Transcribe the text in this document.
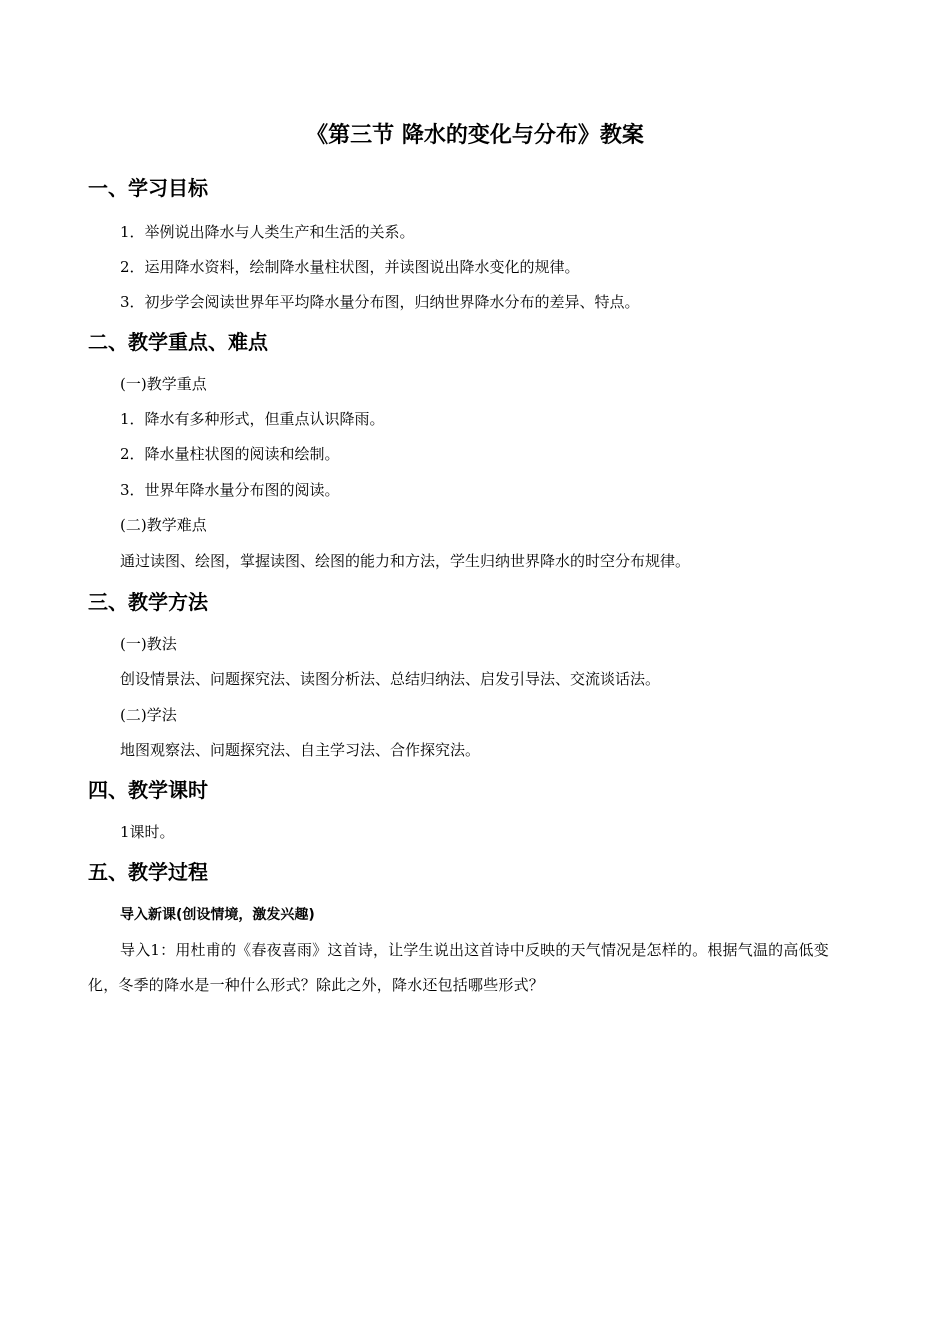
《第三节 降水的变化与分布》教案
一、学习目标
1．举例说出降水与人类生产和生活的关系。
2．运用降水资料，绘制降水量柱状图，并读图说出降水变化的规律。
3．初步学会阅读世界年平均降水量分布图，归纳世界降水分布的差异、特点。
二、教学重点、难点
(一)教学重点
1．降水有多种形式，但重点认识降雨。
2．降水量柱状图的阅读和绘制。
3．世界年降水量分布图的阅读。
(二)教学难点
通过读图、绘图，掌握读图、绘图的能力和方法，学生归纳世界降水的时空分布规律。
三、教学方法
(一)教法
创设情景法、问题探究法、读图分析法、总结归纳法、启发引导法、交流谈话法。
(二)学法
地图观察法、问题探究法、自主学习法、合作探究法。
四、教学课时
1课时。
五、教学过程
导入新课(创设情境，激发兴趣)
导入1：用杜甫的《春夜喜雨》这首诗，让学生说出这首诗中反映的天气情况是怎样的。根据气温的高低变化，冬季的降水是一种什么形式？除此之外，降水还包括哪些形式？
